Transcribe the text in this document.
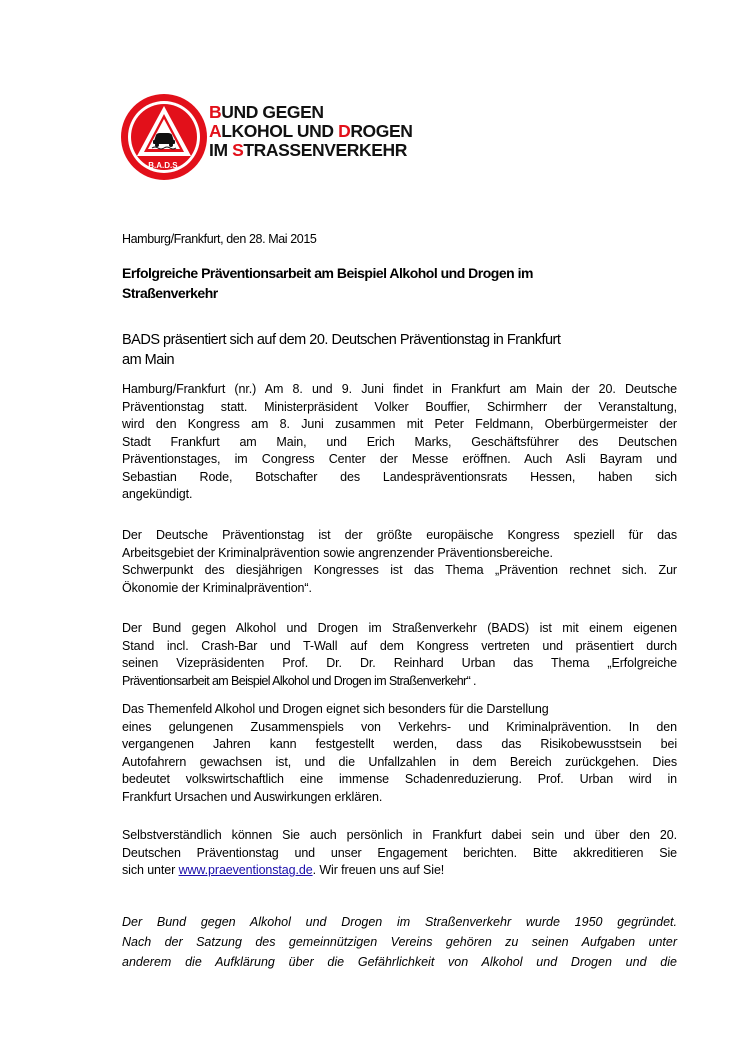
B.A.D.S.
BUND GEGEN
ALKOHOL UND DROGEN
IM STRASSENVERKEHR
Hamburg/Frankfurt, den 28. Mai 2015
Erfolgreiche Präventionsarbeit am Beispiel Alkohol und Drogen im
Straßenverkehr
BADS präsentiert sich auf dem 20. Deutschen Präventionstag in Frankfurt
am Main
Hamburg/Frankfurt (nr.) Am 8. und 9. Juni findet in Frankfurt am Main der 20. Deutsche
Präventionstag statt. Ministerpräsident Volker Bouffier, Schirmherr der Veranstaltung,
wird den Kongress am 8. Juni zusammen mit Peter Feldmann, Oberbürgermeister der
Stadt Frankfurt am Main, und Erich Marks, Geschäftsführer des Deutschen
Präventionstages, im Congress Center der Messe eröffnen. Auch Asli Bayram und
Sebastian Rode, Botschafter des Landespräventionsrats Hessen, haben sich
angekündigt.
Der Deutsche Präventionstag ist der größte europäische Kongress speziell für das
Arbeitsgebiet der Kriminalprävention sowie angrenzender Präventionsbereiche.
Schwerpunkt des diesjährigen Kongresses ist das Thema „Prävention rechnet sich. Zur
Ökonomie der Kriminalprävention“.
Der Bund gegen Alkohol und Drogen im Straßenverkehr (BADS) ist mit einem eigenen
Stand incl. Crash-Bar und T-Wall auf dem Kongress vertreten und präsentiert durch
seinen Vizepräsidenten Prof. Dr. Dr. Reinhard Urban das Thema „Erfolgreiche
Präventionsarbeit am Beispiel Alkohol und Drogen im Straßenverkehr“ .
Das Themenfeld Alkohol und Drogen eignet sich besonders für die Darstellung
eines gelungenen Zusammenspiels von Verkehrs- und Kriminalprävention. In den
vergangenen Jahren kann festgestellt werden, dass das Risikobewusstsein bei
Autofahrern gewachsen ist, und die Unfallzahlen in dem Bereich zurückgehen. Dies
bedeutet volkswirtschaftlich eine immense Schadenreduzierung. Prof. Urban wird in
Frankfurt Ursachen und Auswirkungen erklären.
Selbstverständlich können Sie auch persönlich in Frankfurt dabei sein und über den 20.
Deutschen Präventionstag und unser Engagement berichten. Bitte akkreditieren Sie
sich unter www.praeventionstag.de. Wir freuen uns auf Sie!
Der Bund gegen Alkohol und Drogen im Straßenverkehr wurde 1950 gegründet.
Nach der Satzung des gemeinnützigen Vereins gehören zu seinen Aufgaben unter
anderem die Aufklärung über die Gefährlichkeit von Alkohol und Drogen und die
